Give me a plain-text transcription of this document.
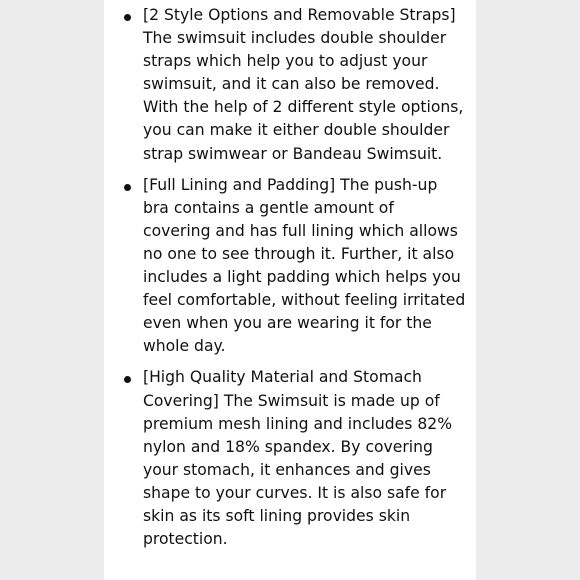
[2 Style Options and Removable Straps] The swimsuit includes double shoulder straps which help you to adjust your swimsuit, and it can also be removed. With the help of 2 different style options, you can make it either double shoulder strap swimwear or Bandeau Swimsuit.
[Full Lining and Padding] The push-up bra contains a gentle amount of covering and has full lining which allows no one to see through it. Further, it also includes a light padding which helps you feel comfortable, without feeling irritated even when you are wearing it for the whole day.
[High Quality Material and Stomach Covering] The Swimsuit is made up of premium mesh lining and includes 82% nylon and 18% spandex. By covering your stomach, it enhances and gives shape to your curves. It is also safe for skin as its soft lining provides skin protection.
